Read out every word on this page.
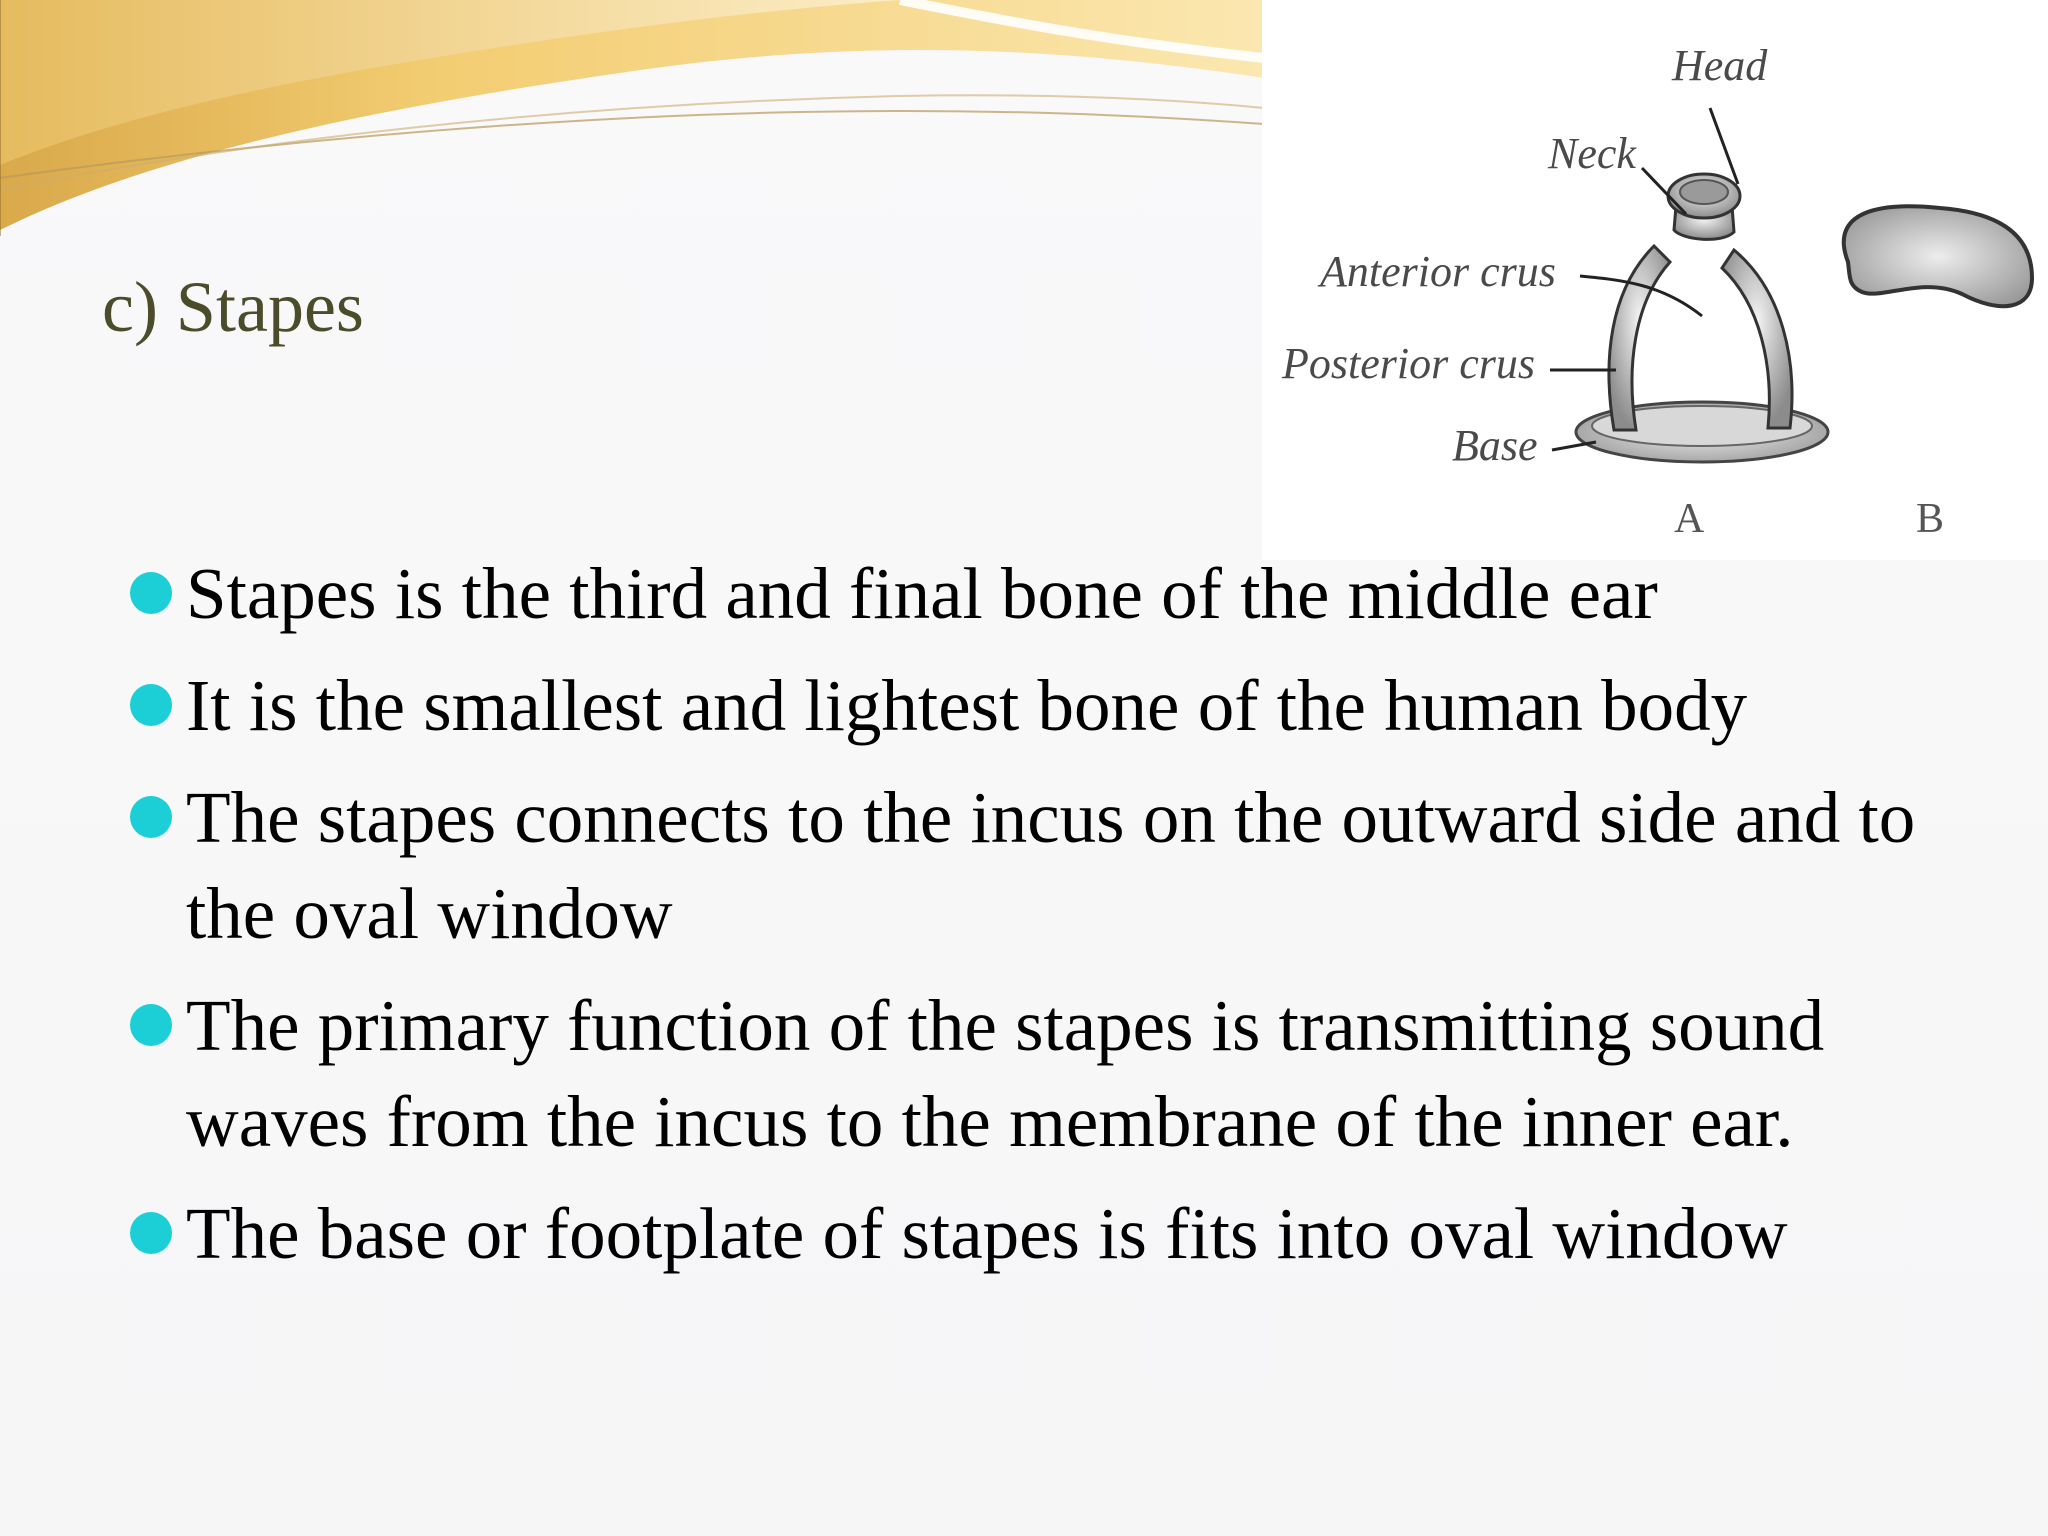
c) Stapes
Head
Neck
Anterior crus
Posterior crus
Base
A	B
Stapes is the third and final bone of the middle ear
It is the smallest and lightest bone of the human body
The stapes connects to the incus on the outward side and to the oval window
The primary function of the stapes is transmitting sound waves from the incus to the membrane of the inner ear.
The base or footplate of stapes is fits into oval window
